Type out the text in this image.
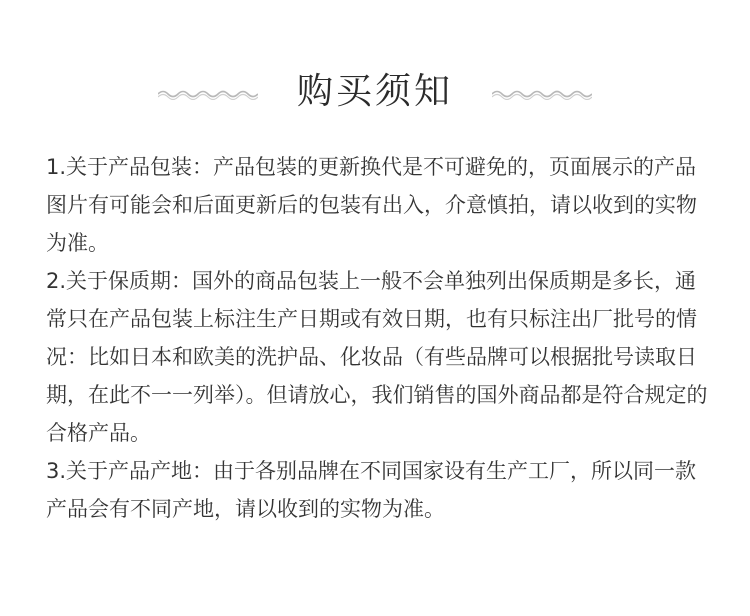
购买须知

1.关于产品包装：产品包装的更新换代是不可避免的，页面展示的产品图片有可能会和后面更新后的包装有出入，介意慎拍，请以收到的实物为准。

2.关于保质期：国外的商品包装上一般不会单独列出保质期是多长，通常只在产品包装上标注生产日期或有效日期，也有只标注出厂批号的情况：比如日本和欧美的洗护品、化妆品（有些品牌可以根据批号读取日期，在此不一一列举）。但请放心，我们销售的国外商品都是符合规定的合格产品。

3.关于产品产地：由于各别品牌在不同国家设有生产工厂，所以同一款产品会有不同产地，请以收到的实物为准。
